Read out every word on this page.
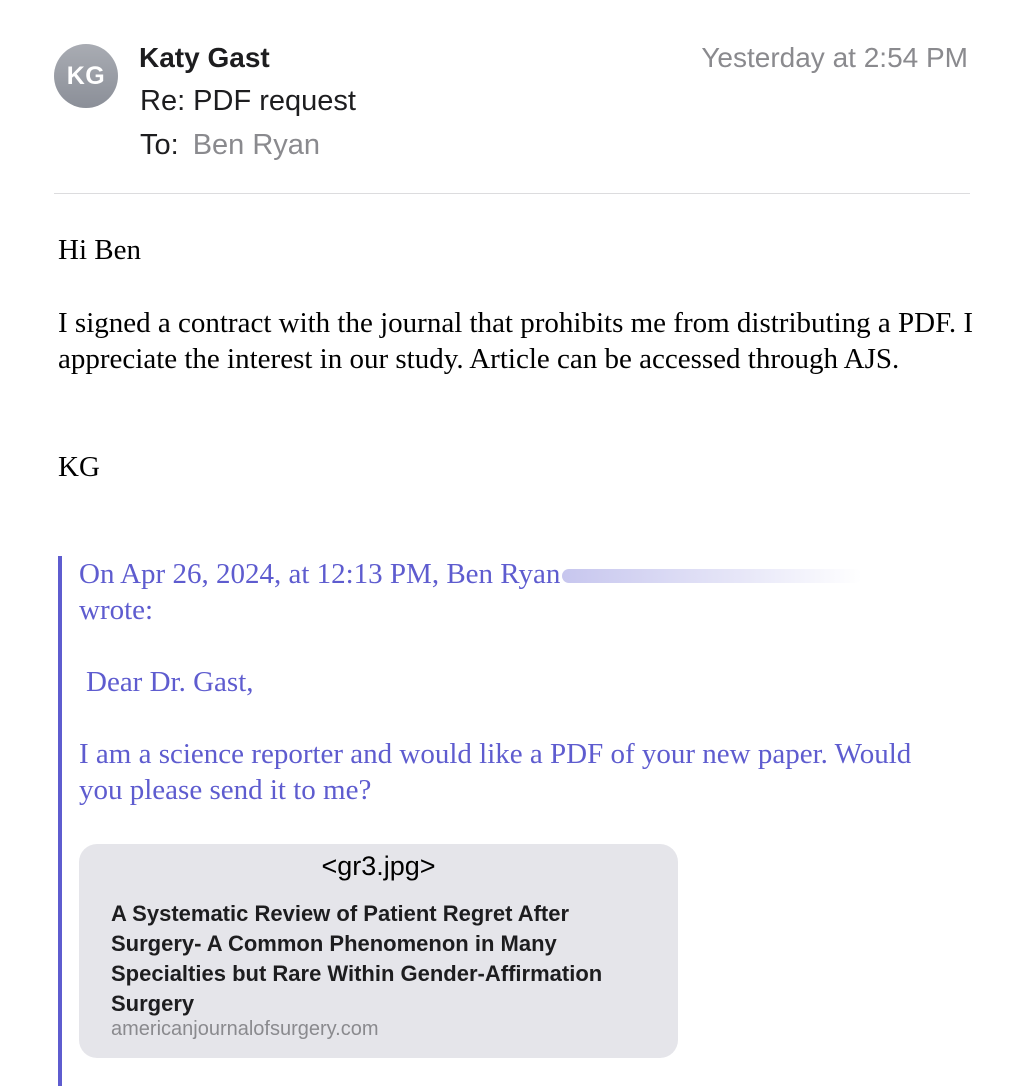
KG
Katy Gast	Yesterday at 2:54 PM
Re: PDF request
To: Ben Ryan

Hi Ben

I signed a contract with the journal that prohibits me from distributing a PDF. I appreciate the interest in our study. Article can be accessed through AJS.

KG

On Apr 26, 2024, at 12:13 PM, Ben Ryan

wrote:

Dear Dr. Gast,

I am a science reporter and would like a PDF of your new paper. Would you please send it to me?

<gr3.jpg>
A Systematic Review of Patient Regret After Surgery- A Common Phenomenon in Many Specialties but Rare Within Gender-Affirmation Surgery
americanjournalofsurgery.com
